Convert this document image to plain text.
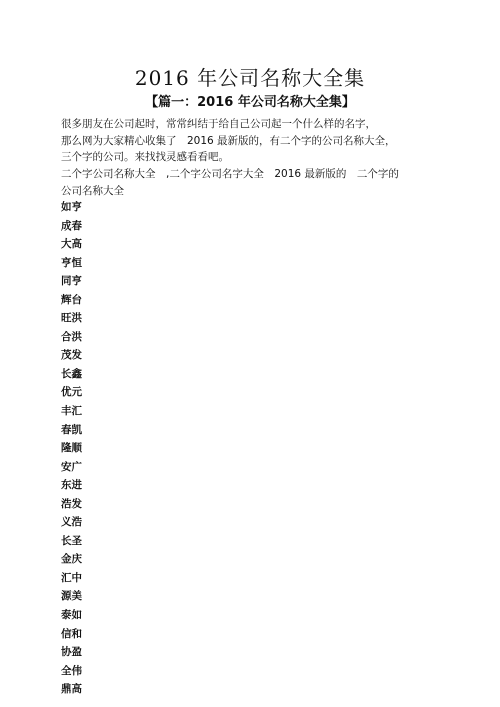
2016 年公司名称大全集
【篇一：2016 年公司名称大全集】
很多朋友在公司起时，常常纠结于给自己公司起一个什么样的名字，
那么网为大家精心收集了　2016 最新版的，有二个字的公司名称大全，
三个字的公司。来找找灵感看看吧。
二个字公司名称大全　,二个字公司名字大全　2016 最新版的　二个字的
公司名称大全
如亨
成春
大高
亨恒
同亨
辉台
旺洪
合洪
茂发
长鑫
优元
丰汇
春凯
隆顺
安广
东进
浩发
义浩
长圣
金庆
汇中
源美
泰如
信和
协盈
全伟
鼎高
